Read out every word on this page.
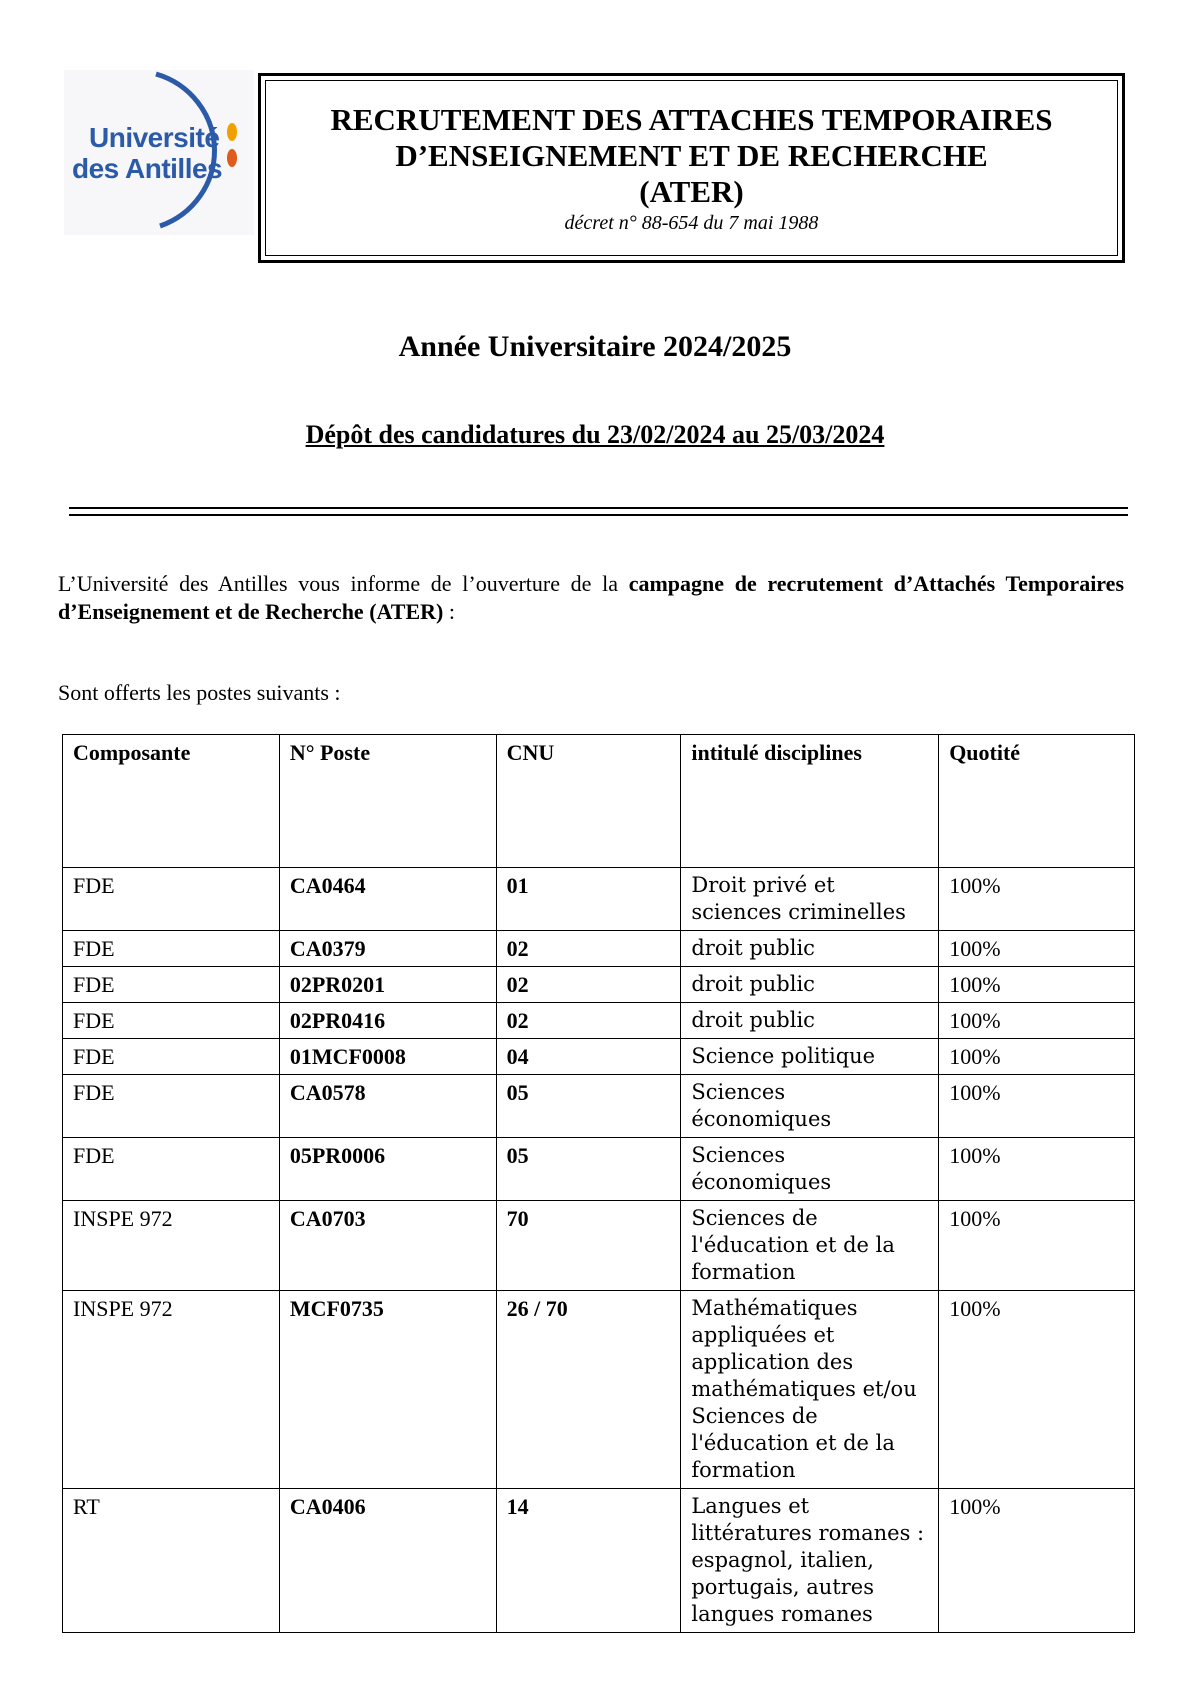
Université
des Antilles
RECRUTEMENT DES ATTACHES TEMPORAIRES
D’ENSEIGNEMENT ET DE RECHERCHE
(ATER)
décret n° 88-654 du 7 mai 1988
Année Universitaire 2024/2025
Dépôt des candidatures du 23/02/2024 au 25/03/2024
L’Université des Antilles vous informe de l’ouverture de la campagne de recrutement d’Attachés Temporaires d’Enseignement et de Recherche (ATER) :
Sont offerts les postes suivants :
Composante	N° Poste	CNU	intitulé disciplines	Quotité
FDE	CA0464	01	Droit privé et sciences criminelles	100%
FDE	CA0379	02	droit public	100%
FDE	02PR0201	02	droit public	100%
FDE	02PR0416	02	droit public	100%
FDE	01MCF0008	04	Science politique	100%
FDE	CA0578	05	Sciences économiques	100%
FDE	05PR0006	05	Sciences économiques	100%
INSPE 972	CA0703	70	Sciences de l'éducation et de la formation	100%
INSPE 972	MCF0735	26 / 70	Mathématiques appliquées et application des mathématiques et/ou Sciences de l'éducation et de la formation	100%
RT	CA0406	14	Langues et littératures romanes : espagnol, italien, portugais, autres langues romanes	100%
